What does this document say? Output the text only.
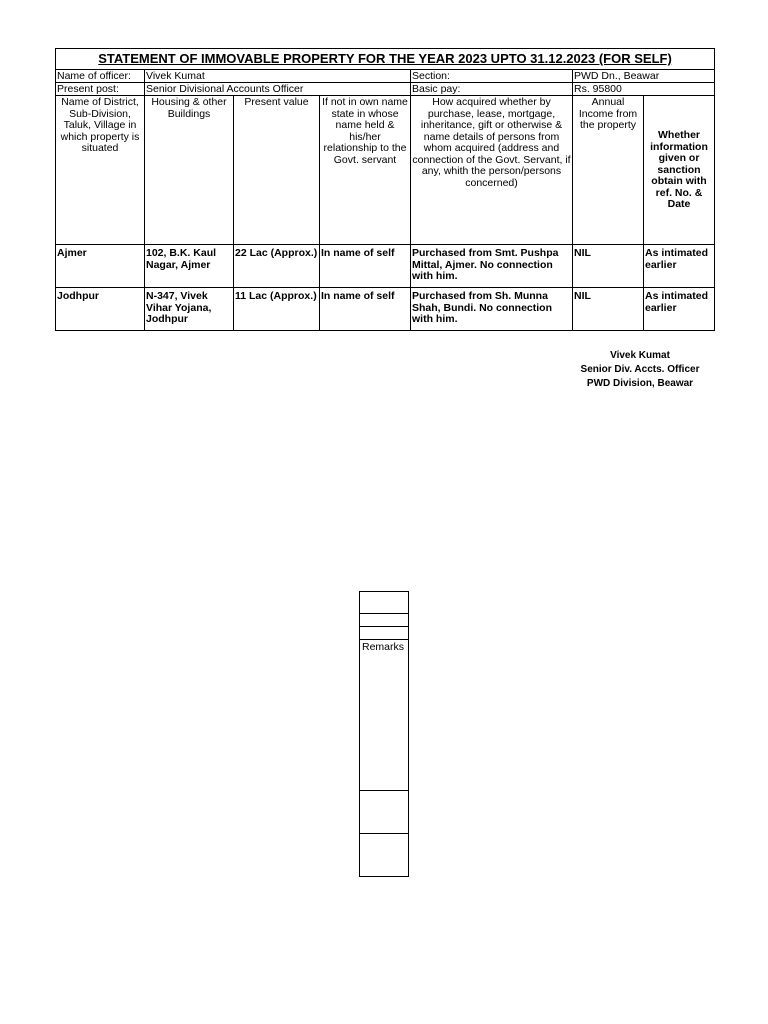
STATEMENT OF IMMOVABLE PROPERTY FOR THE YEAR 2023 UPTO 31.12.2023 (FOR SELF)						
Name of officer:	Vivek Kumat			Section:	PWD Dn., Beawar	
Present post:	Senior Divisional Accounts Officer			Basic pay:	Rs. 95800	
Name of District, Sub-Division, Taluk, Village in which property is situated	Housing & other Buildings	Present value	If not in own name state in whose name held & his/her relationship to the Govt. servant	How acquired whether by purchase, lease, mortgage, inheritance, gift or otherwise & name details of persons from whom acquired (address and connection of the Govt. Servant, if any, whith the person/persons concerned)	Annual Income from the property	Whether information given or sanction obtain with ref. No. & Date
Ajmer	102, B.K. Kaul Nagar, Ajmer	22 Lac (Approx.)	In name of self	Purchased from Smt. Pushpa Mittal, Ajmer. No connection with him.	NIL	As intimated earlier
Jodhpur	N-347, Vivek Vihar Yojana, Jodhpur	11 Lac (Approx.)	In name of self	Purchased from Sh. Munna Shah, Bundi. No connection with him.	NIL	As intimated earlier
Vivek Kumat
Senior Div. Accts. Officer
PWD Division, Beawar
Remarks
